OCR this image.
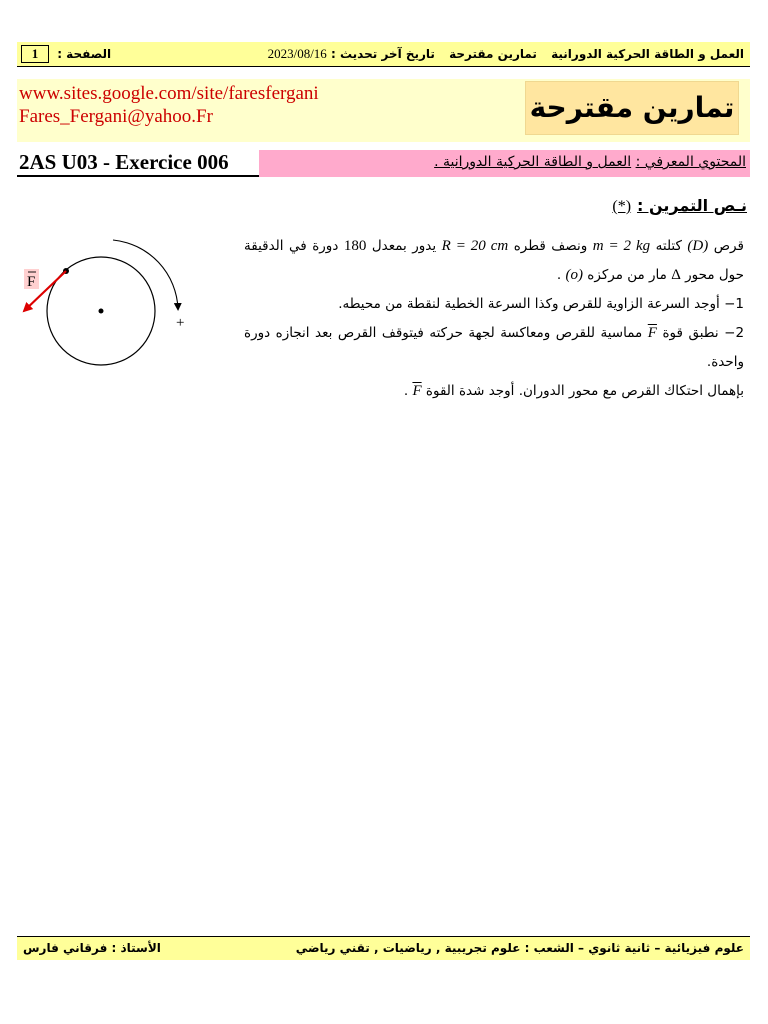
العمل و الطاقة الحركية الدورانية تمارين مقترحة تاريخ آخر تحديث : 2023/08/16
الصفحة : 1
www.sites.google.com/site/faresfergani
Fares_Fergani@yahoo.Fr	تمارين مقترحة
2AS U03 - Exercice 006	المحتوي المعرفي : العمل و الطاقة الحركية الدورانية .
نـص التمرين :(*)
+
F

قرص (D) كتلته m = 2 kg ونصف قطره R = 20 cm يدور بمعدل 180 دورة في الدقيقة حول محور Δ مار من مركزه (o) .

1− أوجد السرعة الزاوية للقرص وكذا السرعة الخطية لنقطة من محيطه.

2− نطبق قوة $\overline{F}$ مماسية للقرص ومعاكسة لجهة حركته فيتوقف القرص بعد انجازه دورة واحدة.

بإهمال احتكاك القرص مع محور الدوران. أوجد شدة القوة $\overline{F}$ .

علوم فيزيائية – ثانية ثانوي – الشعب : علوم تجريبية , رياضيات , تقني رياضي
الأستاذ : فرقاني فارس
